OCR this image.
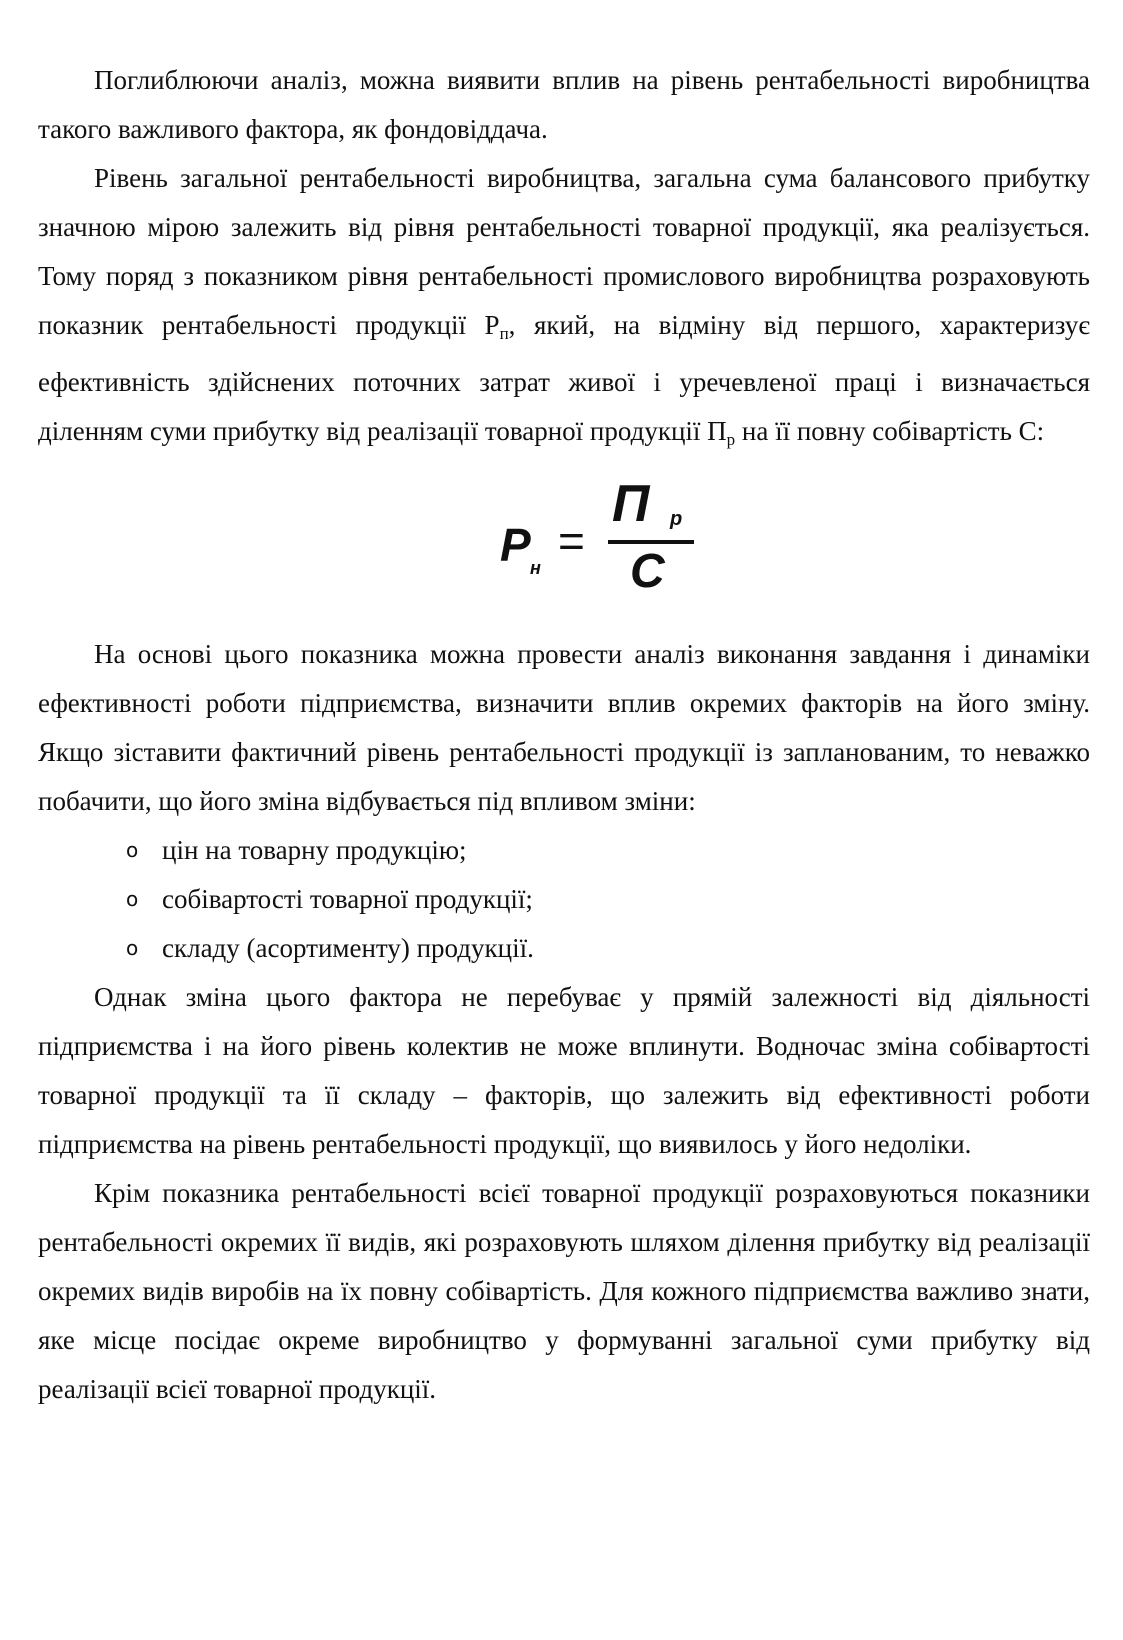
Поглиблюючи аналіз, можна виявити вплив на рівень рентабельності виробництва такого важливого фактора, як фондовіддача.

Рівень загальної рентабельності виробництва, загальна сума балансового прибутку значною мірою залежить від рівня рентабельності товарної продукції, яка реалізується. Тому поряд з показником рівня рентабельності промислового виробництва розраховують показник рентабельності продукції $Р_п$, який, на відміну від першого, характеризує ефективність здійснених поточних затрат живої і уречевленої праці і визначається діленням суми прибутку від реалізації товарної продукції $П_р$ на її повну собівартість С:

P н
=
П р
С

На основі цього показника можна провести аналіз виконання завдання і динаміки ефективності роботи підприємства, визначити вплив окремих факторів на його зміну. Якщо зіставити фактичний рівень рентабельності продукції із запланованим, то неважко побачити, що його зміна відбувається під впливом зміни:

o цін на товарну продукцію;
o собівартості товарної продукції;
o складу (асортименту) продукції.

Однак зміна цього фактора не перебуває у прямій залежності від діяльності підприємства і на його рівень колектив не може вплинути. Водночас зміна собівартості товарної продукції та її складу – факторів, що залежить від ефективності роботи підприємства на рівень рентабельності продукції, що виявилось у його недоліки.

Крім показника рентабельності всієї товарної продукції розраховуються показники рентабельності окремих її видів, які розраховують шляхом ділення прибутку від реалізації окремих видів виробів на їх повну собівартість. Для кожного підприємства важливо знати, яке місце посідає окреме виробництво у формуванні загальної суми прибутку від реалізації всієї товарної продукції.
